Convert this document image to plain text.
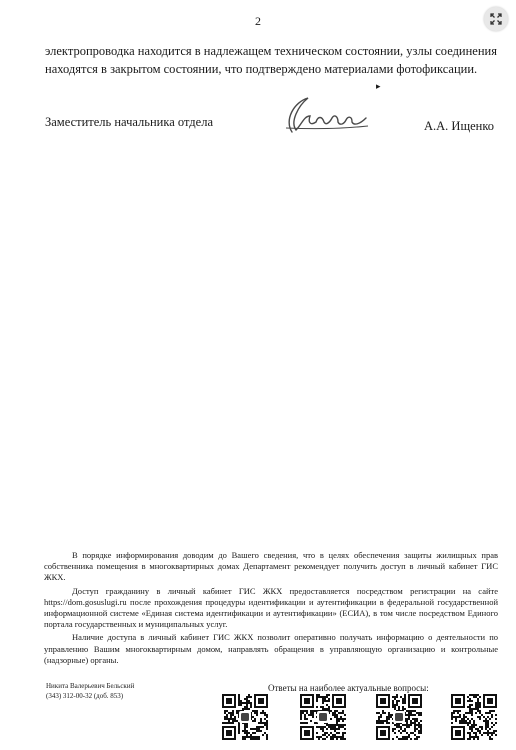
2

электропроводка находится в надлежащем техническом состоянии, узлы соединения находятся в закрытом состоянии, что подтверждено материалами фотофиксации.

▸
Заместитель начальника отдела	А.А. Ищенко

В порядке информирования доводим до Вашего сведения, что в целях обеспечения защиты жилищных прав собственника помещения в многоквартирных домах Департамент рекомендует получить доступ в личный кабинет ГИС ЖКХ.

Доступ гражданину в личный кабинет ГИС ЖКХ предоставляется посредством регистрации на сайте https://dom.gosuslugi.ru после прохождения процедуры идентификации и аутентификации в федеральной государственной информационной системе «Единая система идентификации и аутентификации» (ЕСИА), в том числе посредством Единого портала государственных и муниципальных услуг.

Наличие доступа в личный кабинет ГИС ЖКХ позволит оперативно получать информацию о деятельности по управлению Вашим многоквартирным домом, направлять обращения в управляющую организацию и контрольные (надзорные) органы.

Никита Валерьевич Бельский
(343) 312-00-32 (доб. 853)
Ответы на наиболее актуальные вопросы:
